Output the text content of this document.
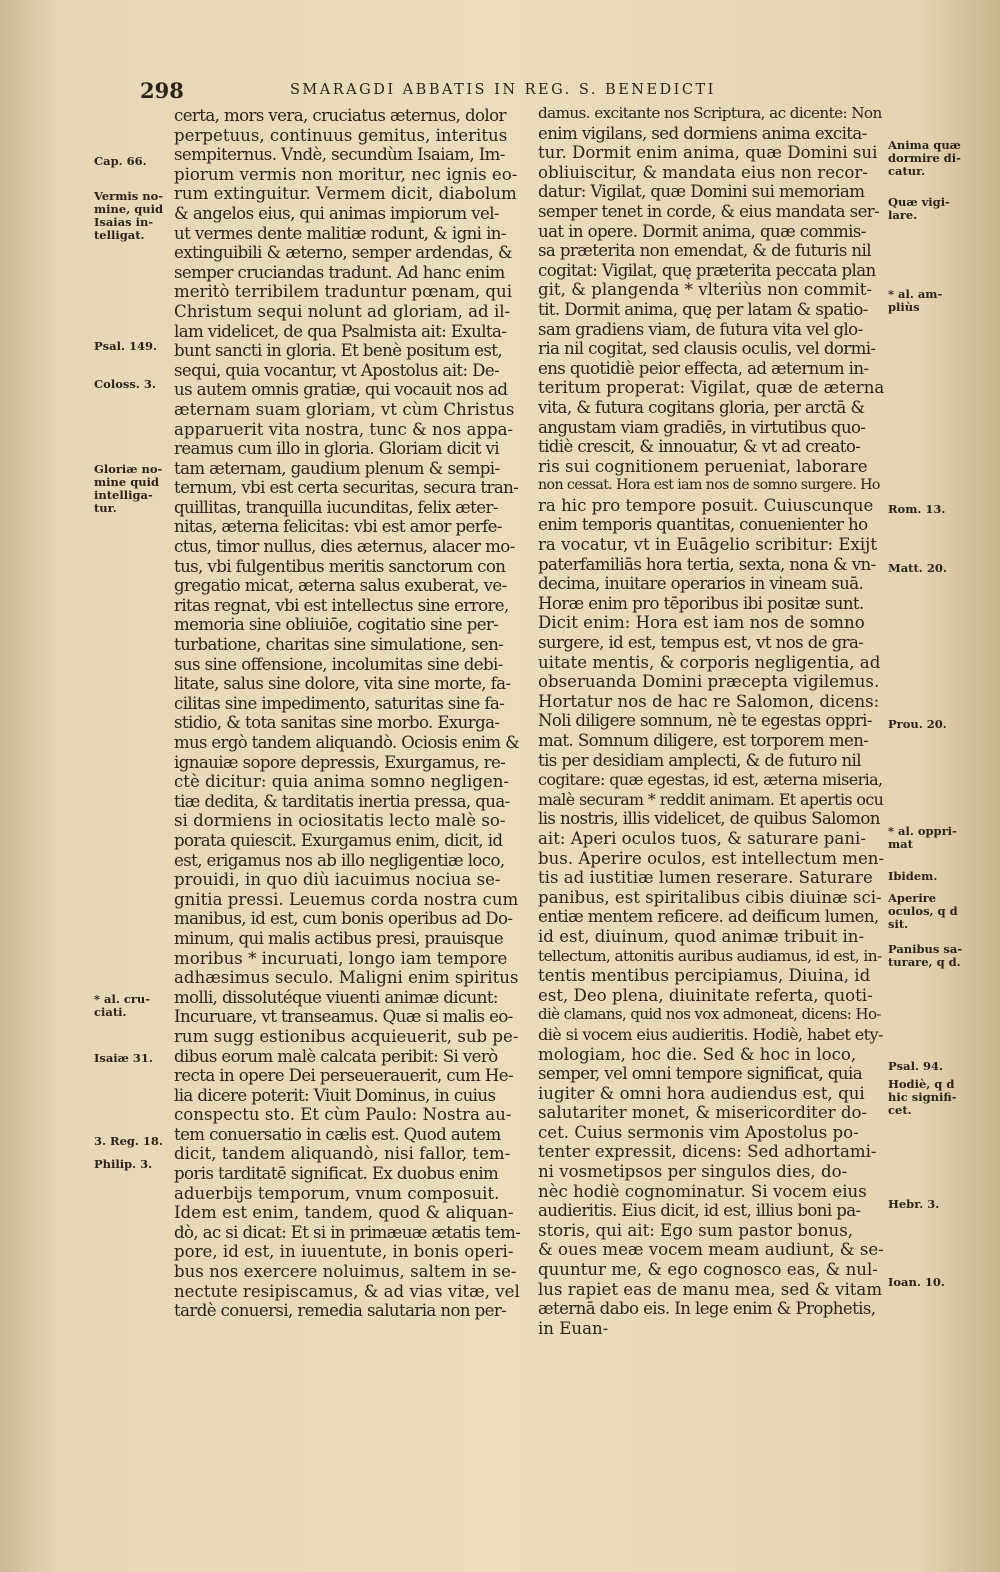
298	SMARAGDI ABBATIS IN REG. S. BENEDICTI
certa, mors vera, cruciatus æternus, dolor
perpetuus, continuus gemitus, interitus
sempiternus. Vndè, secundùm Isaiam, Im-
piorum vermis non moritur, nec ignis eo-
rum extinguitur. Vermem dicit, diabolum
& angelos eius, qui animas impiorum vel-
ut vermes dente malitiæ rodunt, & igni in-
extinguibili & æterno, semper ardendas, &
semper cruciandas tradunt. Ad hanc enim
meritò terribilem traduntur pœnam, qui
Christum sequi nolunt ad gloriam, ad il-
lam videlicet, de qua Psalmista ait: Exulta-
bunt sancti in gloria. Et benè positum est,
sequi, quia vocantur, vt Apostolus ait: De-
us autem omnis gratiæ, qui vocauit nos ad
æternam suam gloriam, vt cùm Christus
apparuerit vita nostra, tunc & nos appa-
reamus cum illo in gloria. Gloriam dicit vi
tam æternam, gaudium plenum & sempi-
ternum, vbi est certa securitas, secura tran-
quillitas, tranquilla iucunditas, felix æter-
nitas, æterna felicitas: vbi est amor perfe-
ctus, timor nullus, dies æternus, alacer mo-
tus, vbi fulgentibus meritis sanctorum con
gregatio micat, æterna salus exuberat, ve-
ritas regnat, vbi est intellectus sine errore,
memoria sine obliuiōe, cogitatio sine per-
turbatione, charitas sine simulatione, sen-
sus sine offensione, incolumitas sine debi-
litate, salus sine dolore, vita sine morte, fa-
cilitas sine impedimento, saturitas sine fa-
stidio, & tota sanitas sine morbo. Exurga-
mus ergò tandem aliquandò. Ociosis enim &
ignauiæ sopore depressis, Exurgamus, re-
ctè dicitur: quia anima somno negligen-
tiæ dedita, & tarditatis inertia pressa, qua-
si dormiens in ociositatis lecto malè so-
porata quiescit. Exurgamus enim, dicit, id
est, erigamus nos ab illo negligentiæ loco,
prouidi, in quo diù iacuimus nociua se-
gnitia pressi. Leuemus corda nostra cum
manibus, id est, cum bonis operibus ad Do-
minum, qui malis actibus presi, prauisque
moribus * incuruati, longo iam tempore
adhæsimus seculo. Maligni enim spiritus
molli, dissolutéque viuenti animæ dicunt:
Incuruare, vt transeamus. Quæ si malis eo-
rum sugg estionibus acquieuerit, sub pe-
dibus eorum malè calcata peribit: Si verò
recta in opere Dei perseuerauerit, cum He-
lia dicere poterit: Viuit Dominus, in cuius
conspectu sto. Et cùm Paulo: Nostra au-
tem conuersatio in cælis est. Quod autem
dicit, tandem aliquandò, nisi fallor, tem-
poris tarditatē significat. Ex duobus enim
aduerbijs temporum, vnum composuit.
Idem est enim, tandem, quod & aliquan-
dò, ac si dicat: Et si in primæuæ ætatis tem-
pore, id est, in iuuentute, in bonis operi-
bus nos exercere noluimus, saltem in se-
nectute resipiscamus, & ad vias vitæ, vel
tardè conuersi, remedia salutaria non per-
damus. excitante nos Scriptura, ac dicente: Non
enim vigilans, sed dormiens anima excita-
tur. Dormit enim anima, quæ Domini sui
obliuiscitur, & mandata eius non recor-
datur: Vigilat, quæ Domini sui memoriam
semper tenet in corde, & eius mandata ser-
uat in opere. Dormit anima, quæ commis-
sa præterita non emendat, & de futuris nil
cogitat: Vigilat, quę præterita peccata plan
git, & plangenda * vlteriùs non commit-
tit. Dormit anima, quę per latam & spatio-
sam gradiens viam, de futura vita vel glo-
ria nil cogitat, sed clausis oculis, vel dormi-
ens quotidiè peior effecta, ad æternum in-
teritum properat: Vigilat, quæ de æterna
vita, & futura cogitans gloria, per arctā &
angustam viam gradiēs, in virtutibus quo-
tidiè crescit, & innouatur, & vt ad creato-
ris sui cognitionem perueniat, laborare
non cessat. Hora est iam nos de somno surgere. Ho
ra hic pro tempore posuit. Cuiuscunque
enim temporis quantitas, conuenienter ho
ra vocatur, vt in Euāgelio scribitur: Exijt
paterfamiliās hora tertia, sexta, nona & vn-
decima, inuitare operarios in vineam suā.
Horæ enim pro tēporibus ibi positæ sunt.
Dicit enim: Hora est iam nos de somno
surgere, id est, tempus est, vt nos de gra-
uitate mentis, & corporis negligentia, ad
obseruanda Domini præcepta vigilemus.
Hortatur nos de hac re Salomon, dicens:
Noli diligere somnum, nè te egestas oppri-
mat. Somnum diligere, est torporem men-
tis per desidiam amplecti, & de futuro nil
cogitare: quæ egestas, id est, æterna miseria,
malè securam * reddit animam. Et apertis ocu
lis nostris, illis videlicet, de quibus Salomon
ait: Aperi oculos tuos, & saturare pani-
bus. Aperire oculos, est intellectum men-
tis ad iustitiæ lumen reserare. Saturare
panibus, est spiritalibus cibis diuinæ sci-
entiæ mentem reficere. ad deificum lumen,
id est, diuinum, quod animæ tribuit in-
tellectum, attonitis auribus audiamus, id est, in-
tentis mentibus percipiamus, Diuina, id
est, Deo plena, diuinitate referta, quoti-
diè clamans, quid nos vox admoneat, dicens: Ho-
diè si vocem eius audieritis. Hodiè, habet ety-
mologiam, hoc die. Sed & hoc in loco,
semper, vel omni tempore significat, quia
iugiter & omni hora audiendus est, qui
salutariter monet, & misericorditer do-
cet. Cuius sermonis vim Apostolus po-
tenter expressit, dicens: Sed adhortami-
ni vosmetipsos per singulos dies, do-
nèc hodiè cognominatur. Si vocem eius
audieritis. Eius dicit, id est, illius boni pa-
storis, qui ait: Ego sum pastor bonus,
& oues meæ vocem meam audiunt, & se-
quuntur me, & ego cognosco eas, & nul-
lus rapiet eas de manu mea, sed & vitam
æternā dabo eis. In lege enim & Prophetis,
in Euan-
Cap. 66.
Vermis no-mine, quid Isaias in-telligat.
Psal. 149.
Coloss. 3.
Gloriæ no-mine quid intelliga-tur.
* al. cru-ciati.
Isaiæ 31.
3. Reg. 18.
Philip. 3.
Anima quæ dormire di-catur.
Quæ vigi-lare.
* al. am-pliùs
Rom. 13.
Matt. 20.
Prou. 20.
* al. oppri-mat
Ibidem.
Aperire oculos, q d sit.
Panibus sa-turare, q d.
Psal. 94.
Hodiè, q d hic signifi-cet.
Hebr. 3.
Ioan. 10.
